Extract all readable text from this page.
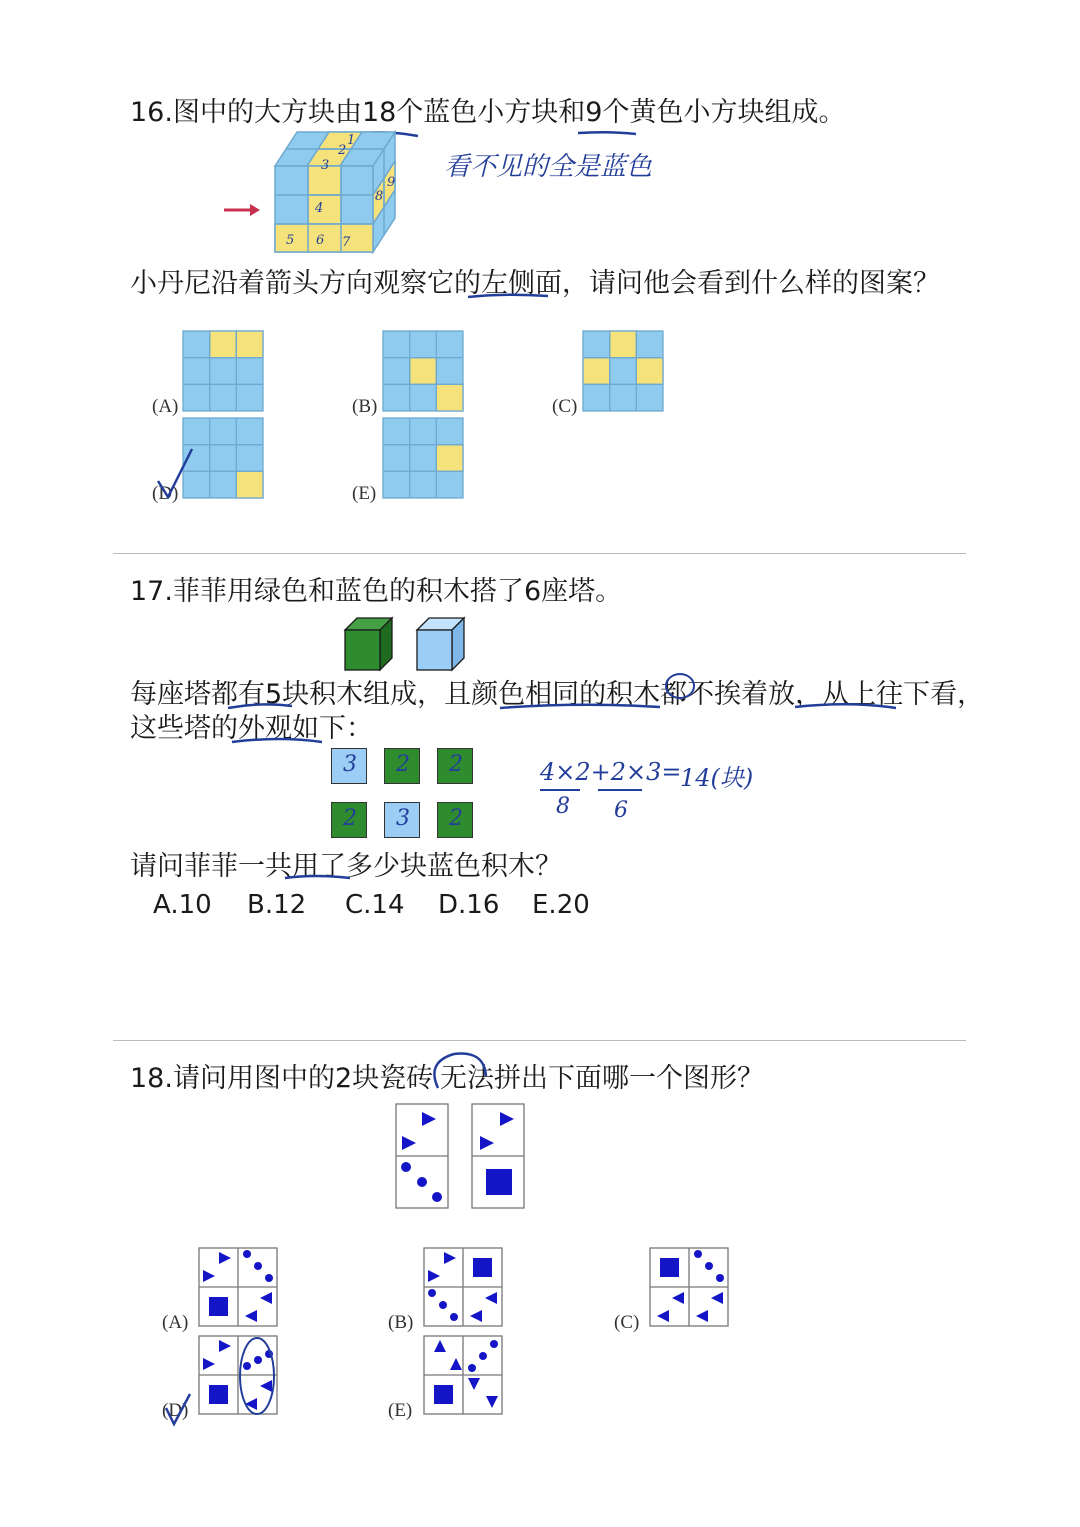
16.图中的大方块由18个蓝色小方块和9个黄色小方块组成。
3
2
1
4
8
9
5 6 7
看不见的全是蓝色
小丹尼沿着箭头方向观察它的左侧面，请问他会看到什么样的图案？
(A)	(B)	(C)
(D)	(E)
17.菲菲用绿色和蓝色的积木搭了6座塔。
每座塔都有5块积木组成，且颜色相同的积木都不挨着放，从上往下看，
这些塔的外观如下：
3 2 2
2 3 2
4×2+2×3=
14(块)
8 6
请问菲菲一共用了多少块蓝色积木？
A.10 B.12 C.14 D.16 E.20
18.请问用图中的2块瓷砖 无法拼出下面哪一个图形？
(A)	(B)	(C)
(D)	(E)
